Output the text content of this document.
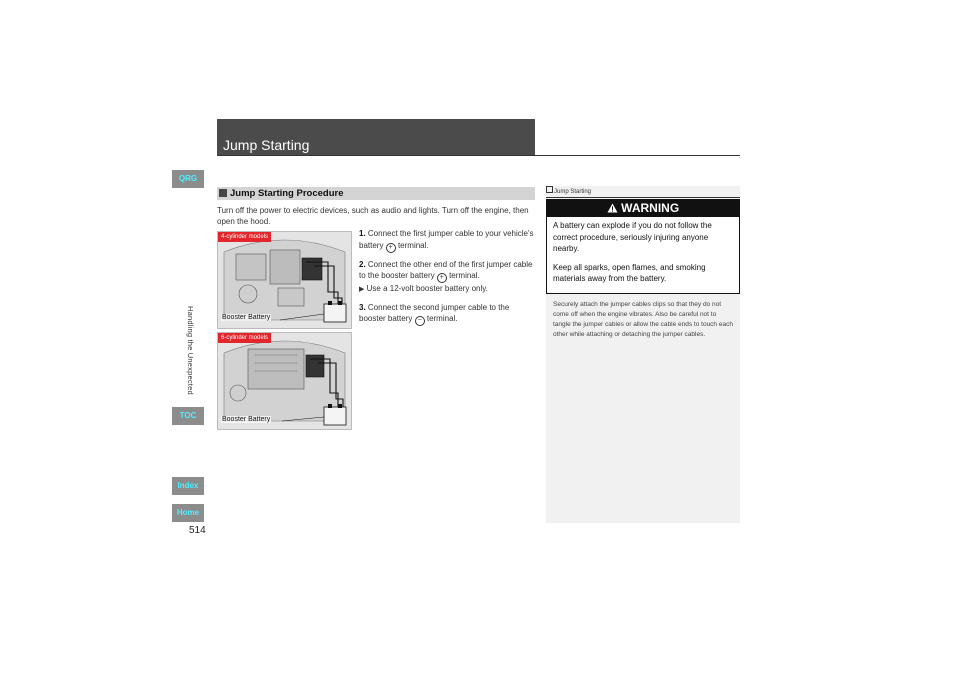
Jump Starting
QRG
Handling the Unexpected
TOC
Index
Home
514
Jump Starting Procedure
Turn off the power to electric devices, such as audio and lights. Turn off the engine, then open the hood.
4-cylinder models
Booster Battery
6-cylinder models
Booster Battery
1. Connect the first jumper cable to your vehicle's battery + terminal.
2. Connect the other end of the first jumper cable to the booster battery + terminal.
▶ Use a 12-volt booster battery only.
3. Connect the second jumper cable to the booster battery − terminal.
Jump Starting
WARNING

A battery can explode if you do not follow the correct procedure, seriously injuring anyone nearby.

Keep all sparks, open flames, and smoking materials away from the battery.

Securely attach the jumper cables clips so that they do not come off when the engine vibrates. Also be careful not to tangle the jumper cables or allow the cable ends to touch each other while attaching or detaching the jumper cables.
